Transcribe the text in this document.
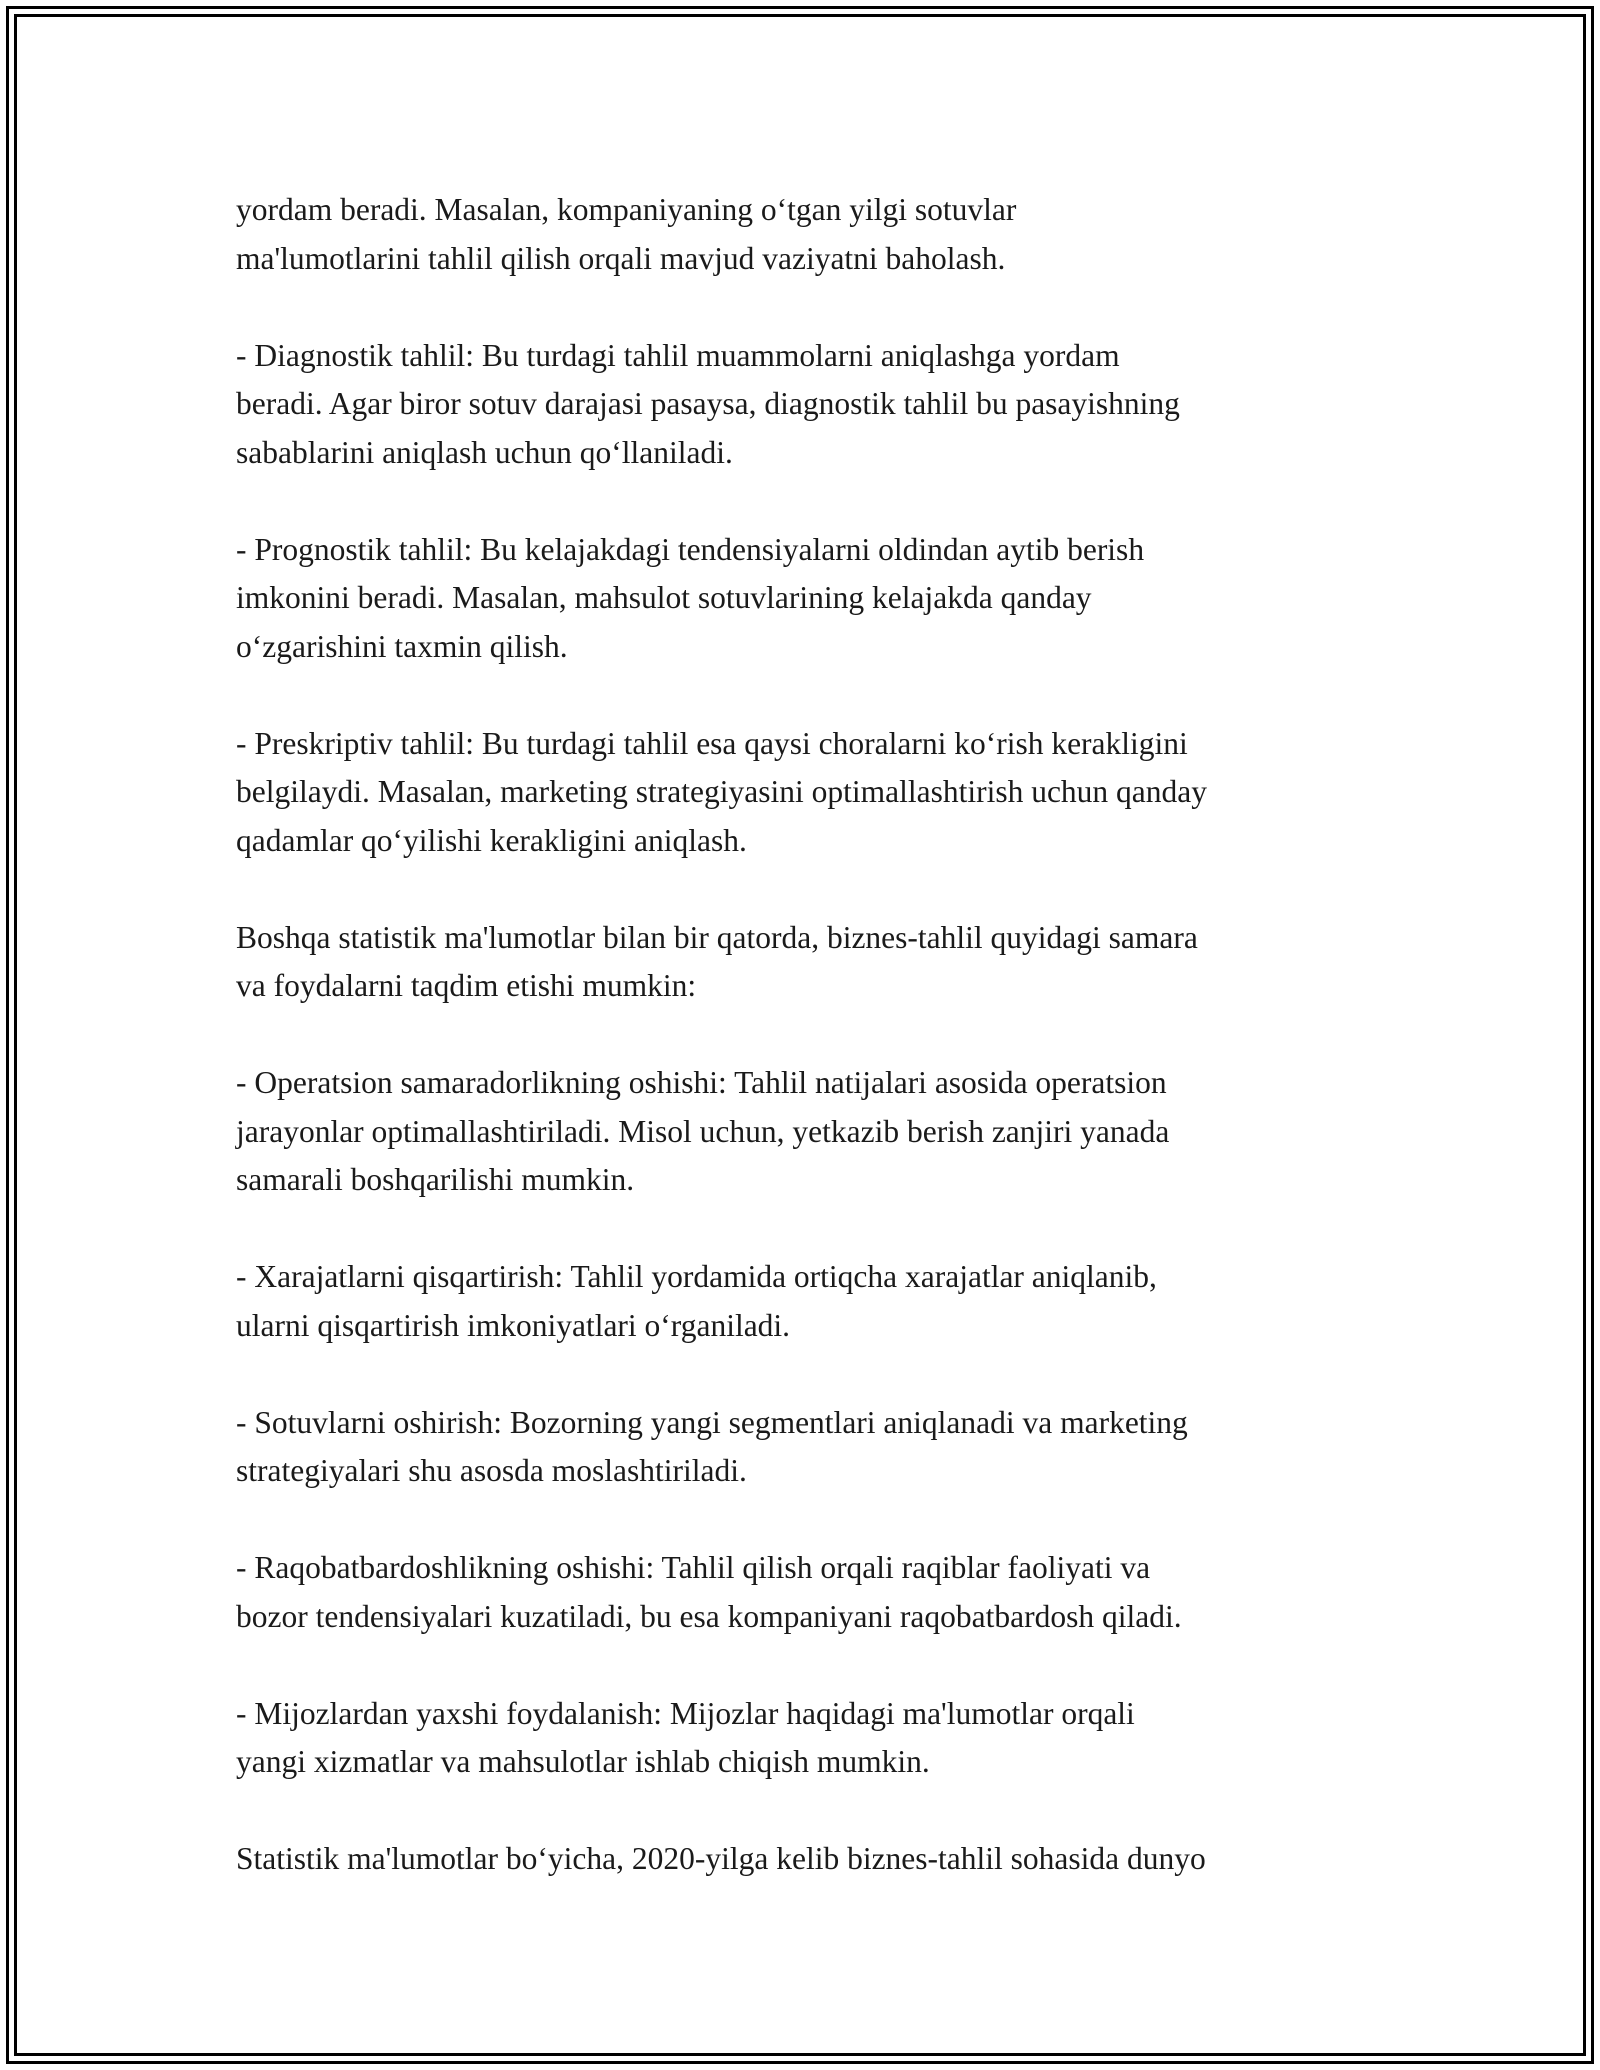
yordam beradi. Masalan, kompaniyaning o‘tgan yilgi sotuvlar
ma'lumotlarini tahlil qilish orqali mavjud vaziyatni baholash.

- Diagnostik tahlil: Bu turdagi tahlil muammolarni aniqlashga yordam
beradi. Agar biror sotuv darajasi pasaysa, diagnostik tahlil bu pasayishning
sabablarini aniqlash uchun qo‘llaniladi.

- Prognostik tahlil: Bu kelajakdagi tendensiyalarni oldindan aytib berish
imkonini beradi. Masalan, mahsulot sotuvlarining kelajakda qanday
o‘zgarishini taxmin qilish.

- Preskriptiv tahlil: Bu turdagi tahlil esa qaysi choralarni ko‘rish kerakligini
belgilaydi. Masalan, marketing strategiyasini optimallashtirish uchun qanday
qadamlar qo‘yilishi kerakligini aniqlash.

Boshqa statistik ma'lumotlar bilan bir qatorda, biznes-tahlil quyidagi samara
va foydalarni taqdim etishi mumkin:

- Operatsion samaradorlikning oshishi: Tahlil natijalari asosida operatsion
jarayonlar optimallashtiriladi. Misol uchun, yetkazib berish zanjiri yanada
samarali boshqarilishi mumkin.

- Xarajatlarni qisqartirish: Tahlil yordamida ortiqcha xarajatlar aniqlanib,
ularni qisqartirish imkoniyatlari o‘rganiladi.

- Sotuvlarni oshirish: Bozorning yangi segmentlari aniqlanadi va marketing
strategiyalari shu asosda moslashtiriladi.

- Raqobatbardoshlikning oshishi: Tahlil qilish orqali raqiblar faoliyati va
bozor tendensiyalari kuzatiladi, bu esa kompaniyani raqobatbardosh qiladi.

- Mijozlardan yaxshi foydalanish: Mijozlar haqidagi ma'lumotlar orqali
yangi xizmatlar va mahsulotlar ishlab chiqish mumkin.

Statistik ma'lumotlar bo‘yicha, 2020-yilga kelib biznes-tahlil sohasida dunyo
